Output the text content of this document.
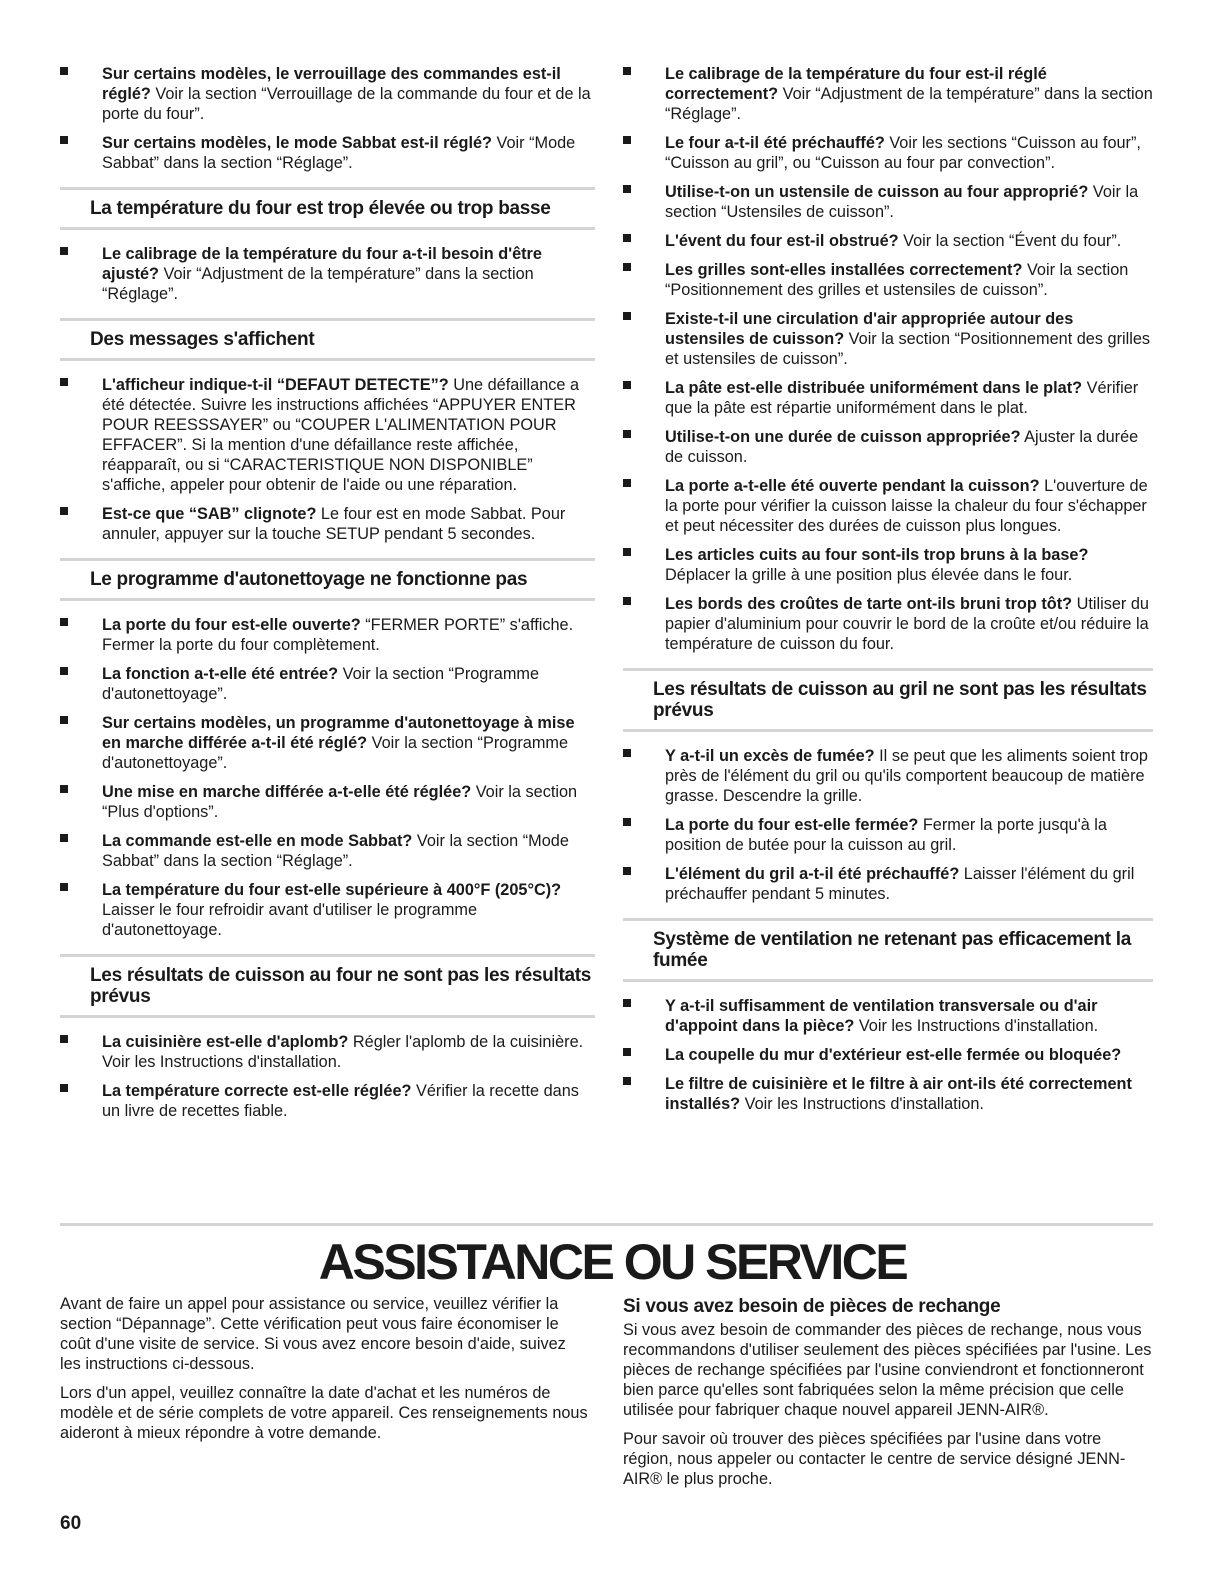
Sur certains modèles, le verrouillage des commandes est-il réglé? Voir la section “Verrouillage de la commande du four et de la porte du four”.
Sur certains modèles, le mode Sabbat est-il réglé? Voir “Mode Sabbat” dans la section “Réglage”.
La température du four est trop élevée ou trop basse
Le calibrage de la température du four a-t-il besoin d'être ajusté? Voir “Adjustment de la température” dans la section “Réglage”.
Des messages s'affichent
L'afficheur indique-t-il “DEFAUT DETECTE”? Une défaillance a été détectée. Suivre les instructions affichées “APPUYER ENTER POUR REESSSAYER” ou “COUPER L'ALIMENTATION POUR EFFACER”. Si la mention d'une défaillance reste affichée, réapparaît, ou si “CARACTERISTIQUE NON DISPONIBLE” s'affiche, appeler pour obtenir de l'aide ou une réparation.
Est-ce que “SAB” clignote? Le four est en mode Sabbat. Pour annuler, appuyer sur la touche SETUP pendant 5 secondes.
Le programme d'autonettoyage ne fonctionne pas
La porte du four est-elle ouverte? “FERMER PORTE” s'affiche. Fermer la porte du four complètement.
La fonction a-t-elle été entrée? Voir la section “Programme d'autonettoyage”.
Sur certains modèles, un programme d'autonettoyage à mise en marche différée a-t-il été réglé? Voir la section “Programme d'autonettoyage”.
Une mise en marche différée a-t-elle été réglée? Voir la section “Plus d'options”.
La commande est-elle en mode Sabbat? Voir la section “Mode Sabbat” dans la section “Réglage”.
La température du four est-elle supérieure à 400°F (205°C)? Laisser le four refroidir avant d'utiliser le programme d'autonettoyage.
Les résultats de cuisson au four ne sont pas les résultats prévus
La cuisinière est-elle d'aplomb? Régler l'aplomb de la cuisinière. Voir les Instructions d'installation.
La température correcte est-elle réglée? Vérifier la recette dans un livre de recettes fiable.
Le calibrage de la température du four est-il réglé correctement? Voir “Adjustment de la température” dans la section “Réglage”.
Le four a-t-il été préchauffé? Voir les sections “Cuisson au four”, “Cuisson au gril”, ou “Cuisson au four par convection”.
Utilise-t-on un ustensile de cuisson au four approprié? Voir la section “Ustensiles de cuisson”.
L'évent du four est-il obstrué? Voir la section “Évent du four”.
Les grilles sont-elles installées correctement? Voir la section “Positionnement des grilles et ustensiles de cuisson”.
Existe-t-il une circulation d'air appropriée autour des ustensiles de cuisson? Voir la section “Positionnement des grilles et ustensiles de cuisson”.
La pâte est-elle distribuée uniformément dans le plat? Vérifier que la pâte est répartie uniformément dans le plat.
Utilise-t-on une durée de cuisson appropriée? Ajuster la durée de cuisson.
La porte a-t-elle été ouverte pendant la cuisson? L'ouverture de la porte pour vérifier la cuisson laisse la chaleur du four s'échapper et peut nécessiter des durées de cuisson plus longues.
Les articles cuits au four sont-ils trop bruns à la base? Déplacer la grille à une position plus élevée dans le four.
Les bords des croûtes de tarte ont-ils bruni trop tôt? Utiliser du papier d'aluminium pour couvrir le bord de la croûte et/ou réduire la température de cuisson du four.
Les résultats de cuisson au gril ne sont pas les résultats prévus
Y a-t-il un excès de fumée? Il se peut que les aliments soient trop près de l'élément du gril ou qu'ils comportent beaucoup de matière grasse. Descendre la grille.
La porte du four est-elle fermée? Fermer la porte jusqu'à la position de butée pour la cuisson au gril.
L'élément du gril a-t-il été préchauffé? Laisser l'élément du gril préchauffer pendant 5 minutes.
Système de ventilation ne retenant pas efficacement la fumée
Y a-t-il suffisamment de ventilation transversale ou d'air d'appoint dans la pièce? Voir les Instructions d'installation.
La coupelle du mur d'extérieur est-elle fermée ou bloquée?
Le filtre de cuisinière et le filtre à air ont-ils été correctement installés? Voir les Instructions d'installation.
ASSISTANCE OU SERVICE

Avant de faire un appel pour assistance ou service, veuillez vérifier la section “Dépannage”. Cette vérification peut vous faire économiser le coût d'une visite de service. Si vous avez encore besoin d'aide, suivez les instructions ci-dessous.

Lors d'un appel, veuillez connaître la date d'achat et les numéros de modèle et de série complets de votre appareil. Ces renseignements nous aideront à mieux répondre à votre demande.

Si vous avez besoin de pièces de rechange

Si vous avez besoin de commander des pièces de rechange, nous vous recommandons d'utiliser seulement des pièces spécifiées par l'usine. Les pièces de rechange spécifiées par l'usine conviendront et fonctionneront bien parce qu'elles sont fabriquées selon la même précision que celle utilisée pour fabriquer chaque nouvel appareil JENN-AIR®.

Pour savoir où trouver des pièces spécifiées par l'usine dans votre région, nous appeler ou contacter le centre de service désigné JENN-AIR® le plus proche.

60
